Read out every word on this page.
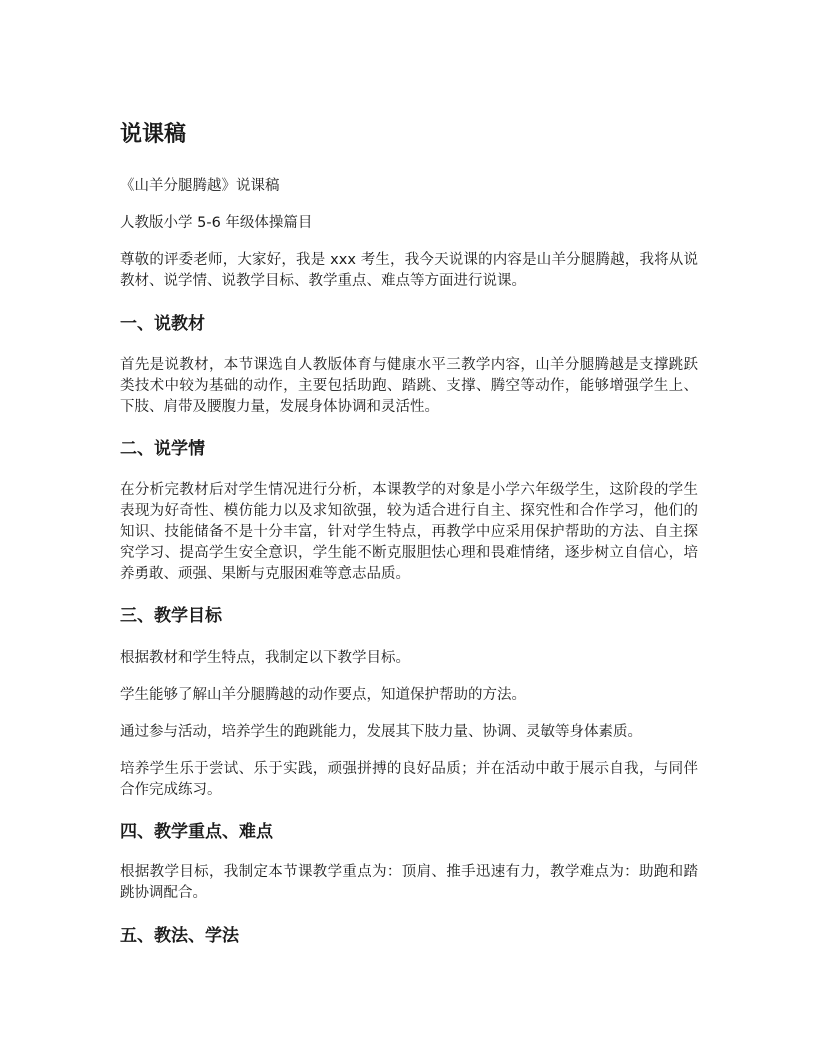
说课稿

《山羊分腿腾越》说课稿

人教版小学 5-6 年级体操篇目

尊敬的评委老师，大家好，我是 xxx 考生，我今天说课的内容是山羊分腿腾越，我将从说教材、说学情、说教学目标、教学重点、难点等方面进行说课。

一、说教材

首先是说教材，本节课选自人教版体育与健康水平三教学内容，山羊分腿腾越是支撑跳跃类技术中较为基础的动作，主要包括助跑、踏跳、支撑、腾空等动作，能够增强学生上、下肢、肩带及腰腹力量，发展身体协调和灵活性。

二、说学情

在分析完教材后对学生情况进行分析，本课教学的对象是小学六年级学生，这阶段的学生表现为好奇性、模仿能力以及求知欲强，较为适合进行自主、探究性和合作学习，他们的知识、技能储备不是十分丰富，针对学生特点，再教学中应采用保护帮助的方法、自主探究学习、提高学生安全意识，学生能不断克服胆怯心理和畏难情绪，逐步树立自信心，培养勇敢、顽强、果断与克服困难等意志品质。

三、教学目标

根据教材和学生特点，我制定以下教学目标。

学生能够了解山羊分腿腾越的动作要点，知道保护帮助的方法。

通过参与活动，培养学生的跑跳能力，发展其下肢力量、协调、灵敏等身体素质。

培养学生乐于尝试、乐于实践，顽强拼搏的良好品质；并在活动中敢于展示自我，与同伴合作完成练习。

四、教学重点、难点

根据教学目标，我制定本节课教学重点为：顶肩、推手迅速有力，教学难点为：助跑和踏跳协调配合。

五、教法、学法
